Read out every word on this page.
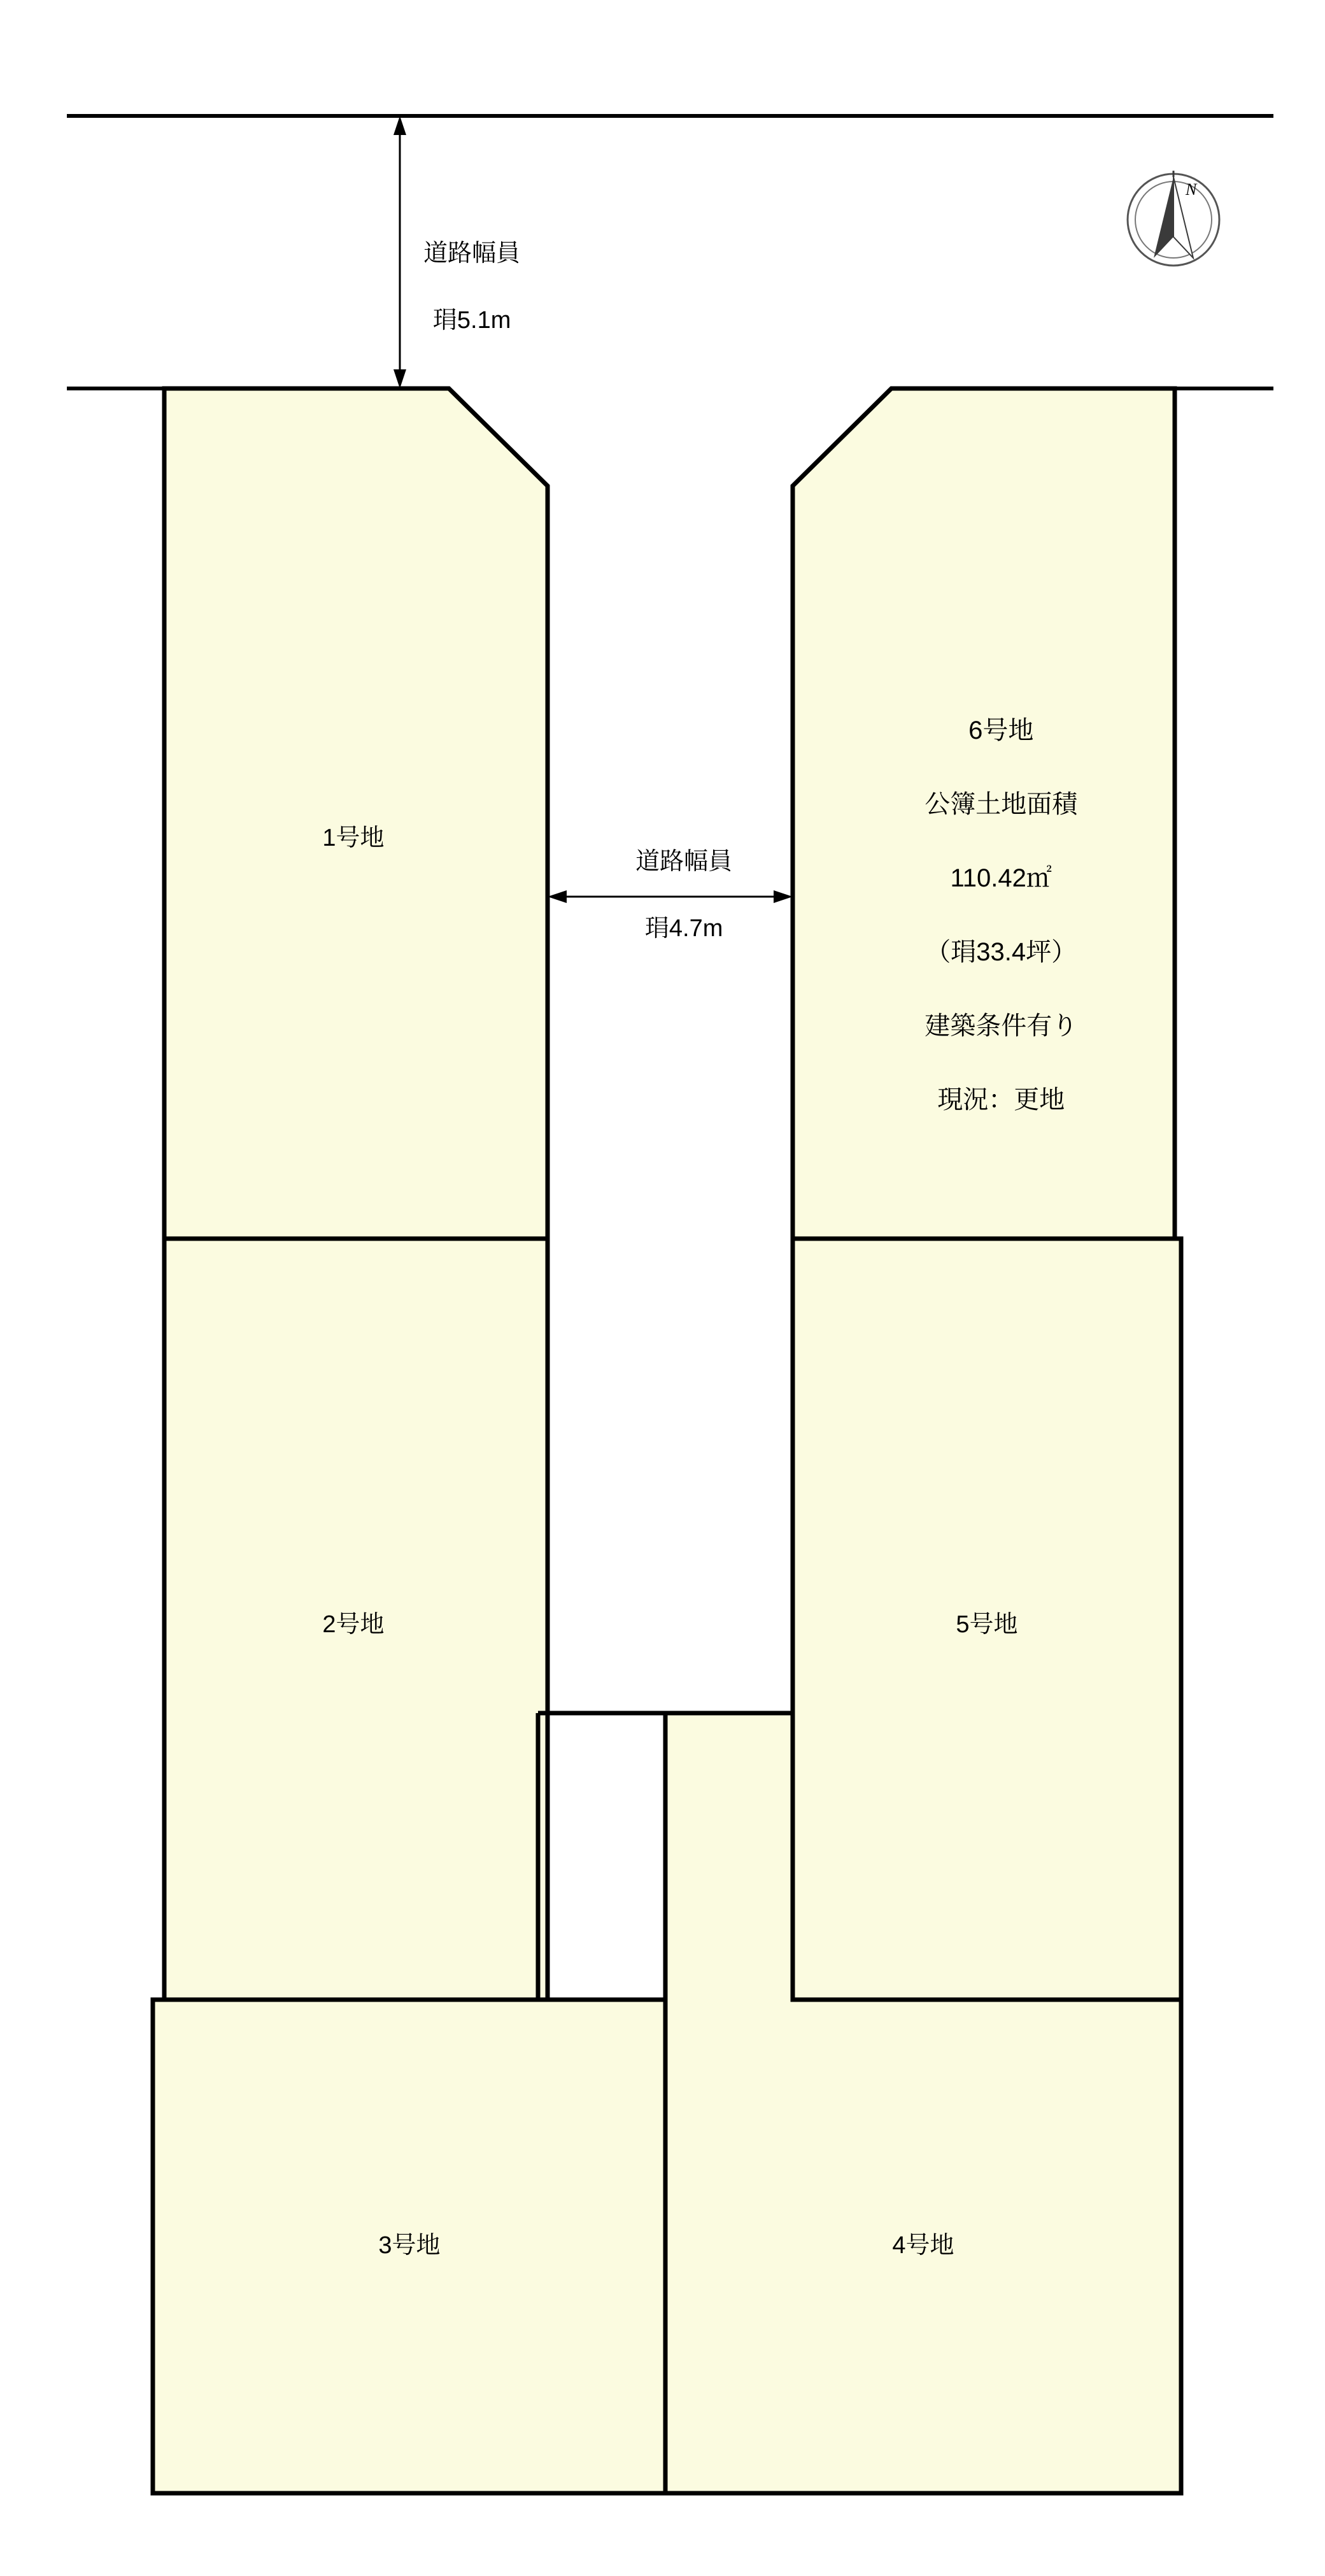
道路幅員

琄5.1m

道路幅員

琄4.7m

1号地
2号地
3号地	4号地
5号地

6号地

公簿土地面積

110.42㎡

（琄33.4坪）

建築条件有り

現況：更地

N
